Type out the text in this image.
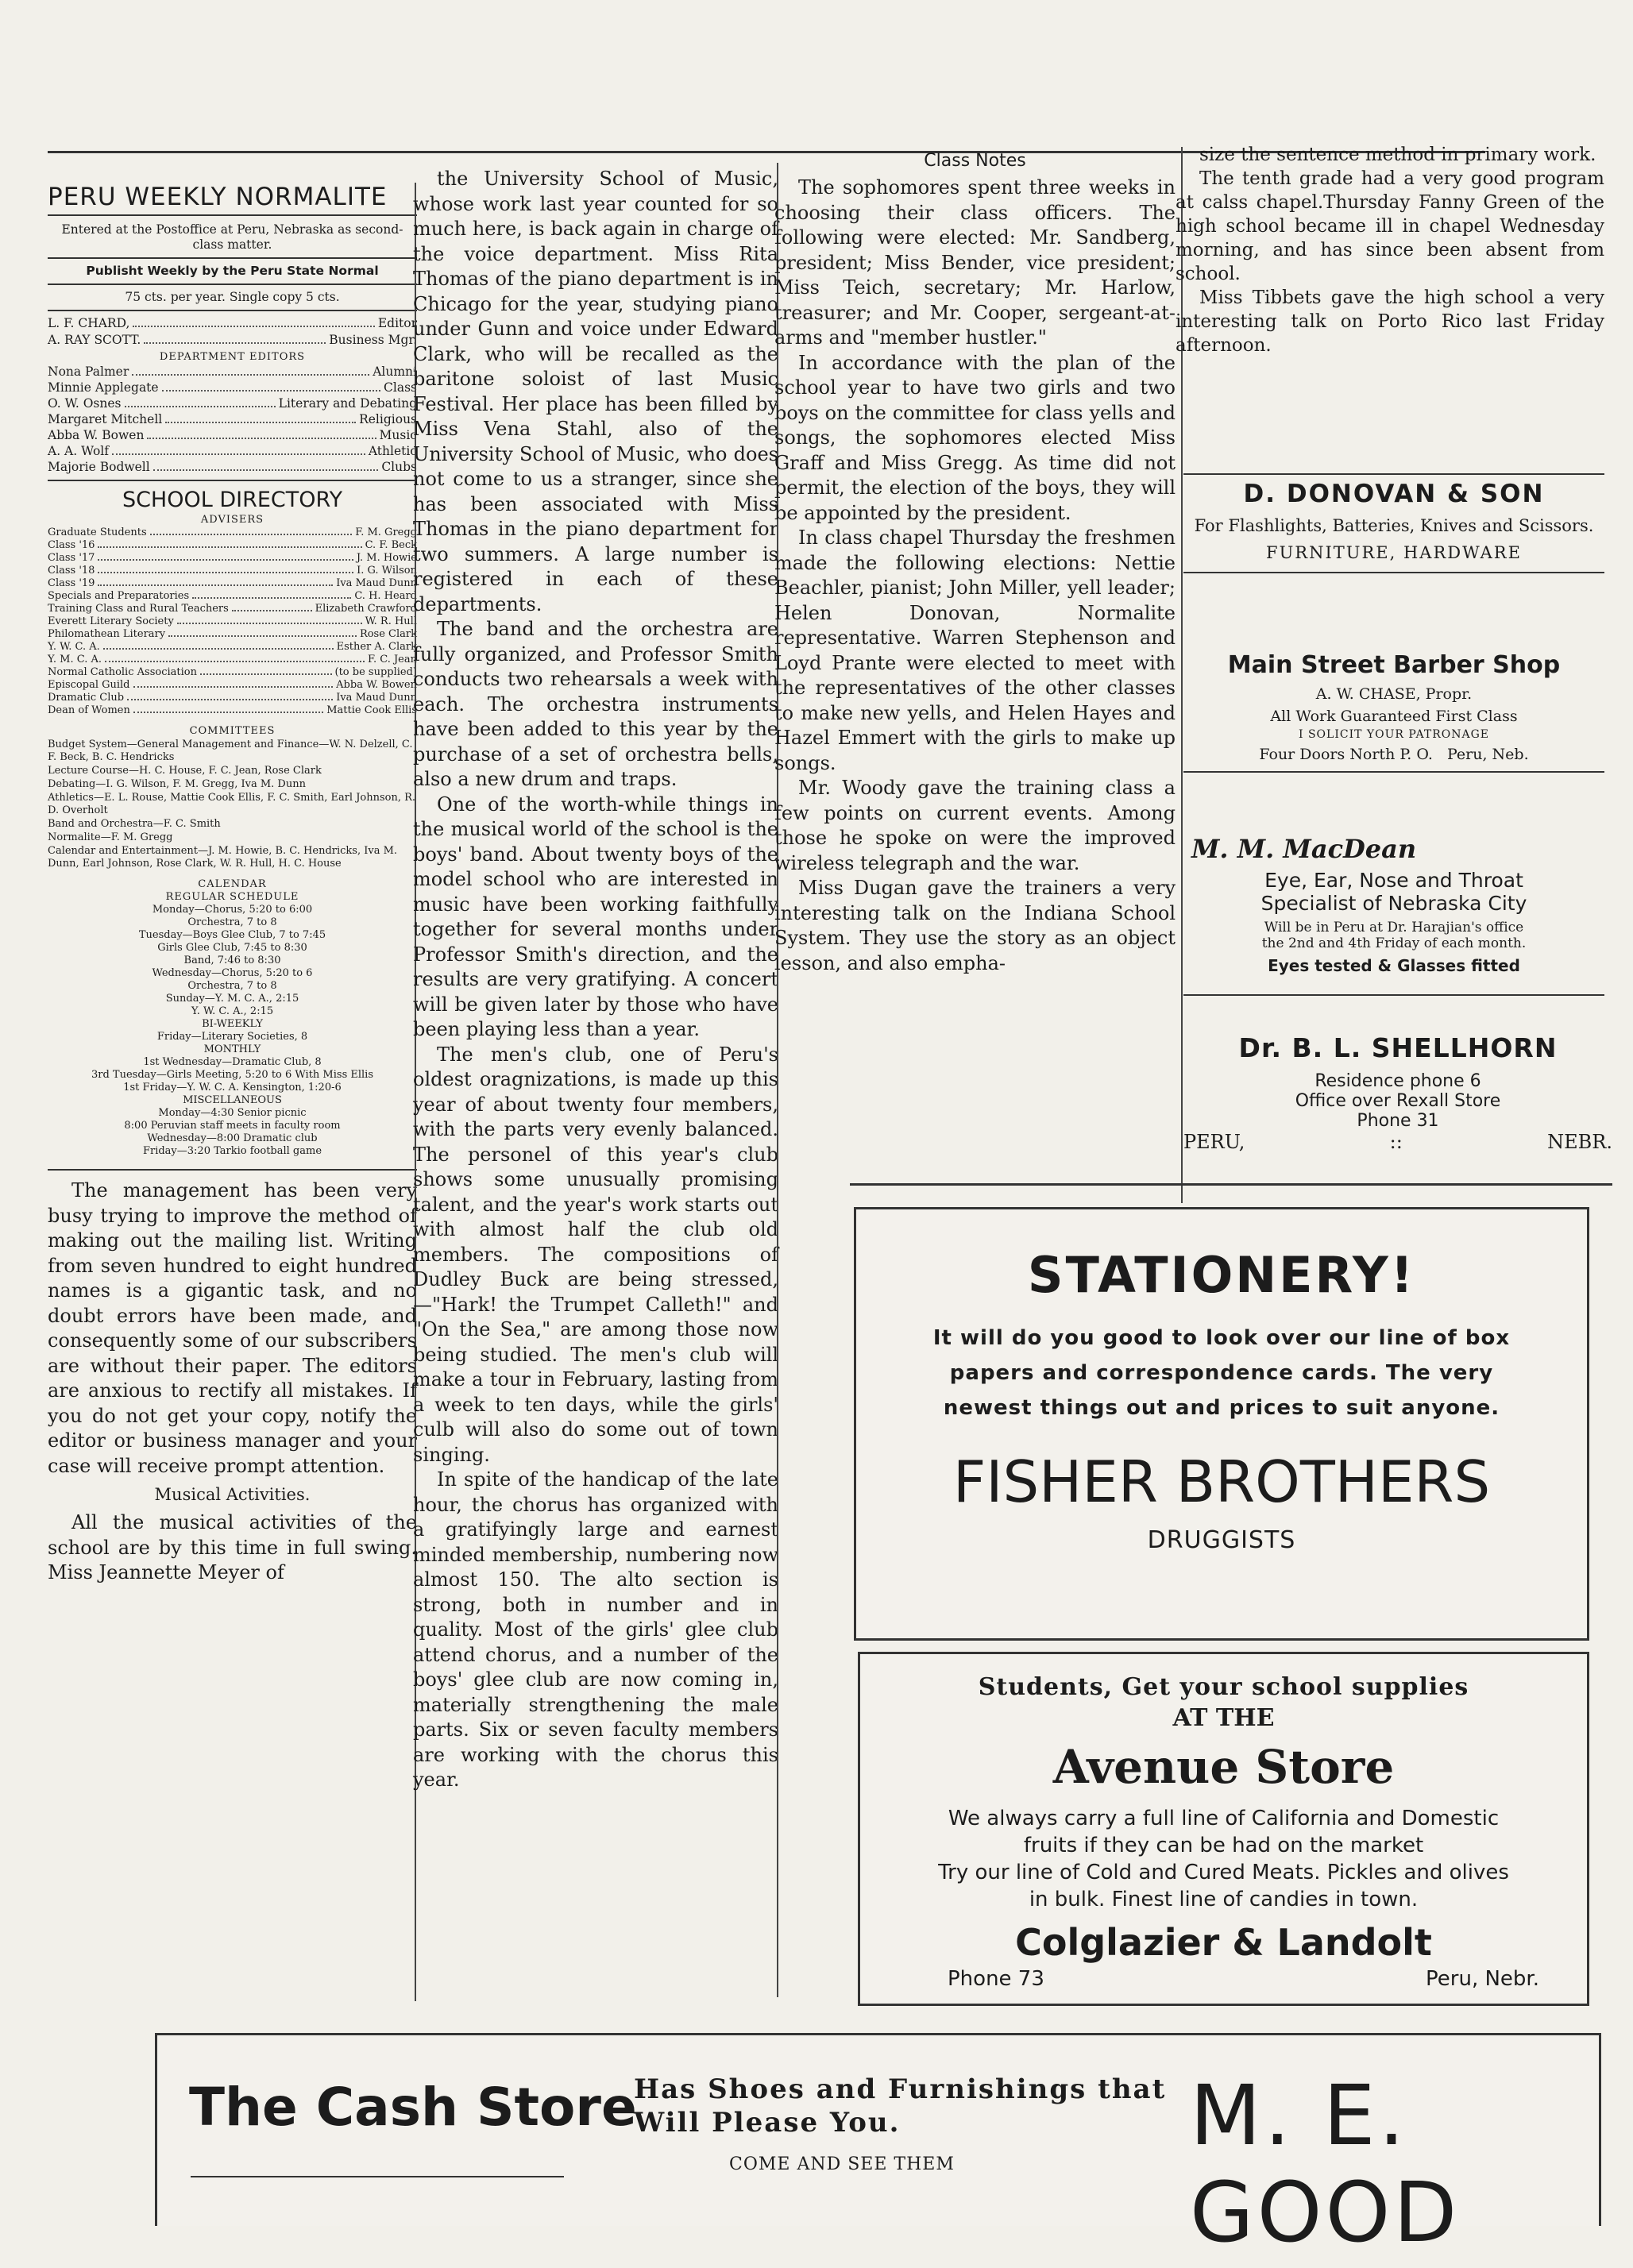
PERU WEEKLY NORMALITE
Entered at the Postoffice at Peru, Nebraska as second-class matter.
Publisht Weekly by the Peru State Normal
75 cts. per year. Single copy 5 cts.
L. F. CHARD,	Editor
A. RAY SCOTT.	Business Mgr.
DEPARTMENT EDITORS
Nona Palmer	Alumni
Minnie Applegate	Class
O. W. Osnes	Literary and Debating
Margaret Mitchell	Religious
Abba W. Bowen	Music
A. A. Wolf	Athletic
Majorie Bodwell	Clubs
SCHOOL DIRECTORY
ADVISERS
Graduate Students	F. M. Gregg
Class '16	C. F. Beck
Class '17	J. M. Howie
Class '18	I. G. Wilson
Class '19	Iva Maud Dunn
Specials and Preparatories	C. H. Heard
Training Class and Rural Teachers	Elizabeth Crawford
Everett Literary Society	W. R. Hull
Philomathean Literary	Rose Clark
Y. W. C. A.	Esther A. Clark
Y. M. C. A.	F. C. Jean
Normal Catholic Association	(to be supplied)
Episcopal Guild	Abba W. Bowen
Dramatic Club	Iva Maud Dunn
Dean of Women	Mattie Cook Ellis
COMMITTEES
Budget System—General Management and Finance—W. N. Delzell, C. F. Beck, B. C. Hendricks
Lecture Course—H. C. House, F. C. Jean, Rose Clark
Debating—I. G. Wilson, F. M. Gregg, Iva M. Dunn
Athletics—E. L. Rouse, Mattie Cook Ellis, F. C. Smith, Earl Johnson, R. D. Overholt
Band and Orchestra—F. C. Smith
Normalite—F. M. Gregg
Calendar and Entertainment—J. M. Howie, B. C. Hendricks, Iva M. Dunn, Earl Johnson, Rose Clark, W. R. Hull, H. C. House
CALENDAR
REGULAR SCHEDULE
Monday—Chorus, 5:20 to 6:00
Orchestra, 7 to 8
Tuesday—Boys Glee Club, 7 to 7:45
Girls Glee Club, 7:45 to 8:30
Band, 7:46 to 8:30
Wednesday—Chorus, 5:20 to 6
Orchestra, 7 to 8
Sunday—Y. M. C. A., 2:15
Y. W. C. A., 2:15
BI-WEEKLY
Friday—Literary Societies, 8
MONTHLY
1st Wednesday—Dramatic Club, 8
3rd Tuesday—Girls Meeting, 5:20 to 6 With Miss Ellis
1st Friday—Y. W. C. A. Kensington, 1:20-6
MISCELLANEOUS
Monday—4:30 Senior picnic
8:00 Peruvian staff meets in faculty room
Wednesday—8:00 Dramatic club
Friday—3:20 Tarkio football game

The management has been very busy trying to improve the method of making out the mailing list. Writing from seven hundred to eight hundred names is a gigantic task, and no doubt errors have been made, and consequently some of our subscribers are without their paper. The editors are anxious to rectify all mistakes. If you do not get your copy, notify the editor or business manager and your case will receive prompt attention.

Musical Activities.

All the musical activities of the school are by this time in full swing. Miss Jeannette Meyer of

the University School of Music, whose work last year counted for so much here, is back again in charge of the voice department. Miss Rita Thomas of the piano department is in Chicago for the year, studying piano under Gunn and voice under Edward Clark, who will be recalled as the baritone soloist of last Music Festival. Her place has been filled by Miss Vena Stahl, also of the University School of Music, who does not come to us a stranger, since she has been associated with Miss Thomas in the piano department for two summers. A large number is registered in each of these departments.

The band and the orchestra are fully organized, and Professor Smith conducts two rehearsals a week with each. The orchestra instruments have been added to this year by the purchase of a set of orchestra bells, also a new drum and traps.

One of the worth-while things in the musical world of the school is the boys' band. About twenty boys of the model school who are interested in music have been working faithfully together for several months under Professor Smith's direction, and the results are very gratifying. A concert will be given later by those who have been playing less than a year.

The men's club, one of Peru's oldest oragnizations, is made up this year of about twenty four members, with the parts very evenly balanced. The personel of this year's club shows some unusually promising talent, and the year's work starts out with almost half the club old members. The compositions of Dudley Buck are being stressed,—"Hark! the Trumpet Calleth!" and "On the Sea," are among those now being studied. The men's club will make a tour in February, lasting from a week to ten days, while the girls' culb will also do some out of town singing.

In spite of the handicap of the late hour, the chorus has organized with a gratifyingly large and earnest minded membership, numbering now almost 150. The alto section is strong, both in number and in quality. Most of the girls' glee club attend chorus, and a number of the boys' glee club are now coming in, materially strengthening the male parts. Six or seven faculty members are working with the chorus this year.

Class Notes

The sophomores spent three weeks in choosing their class officers. The following were elected: Mr. Sandberg, president; Miss Bender, vice president; Miss Teich, secretary; Mr. Harlow, treasurer; and Mr. Cooper, sergeant-at-arms and "member hustler."

In accordance with the plan of the school year to have two girls and two boys on the committee for class yells and songs, the sophomores elected Miss Graff and Miss Gregg. As time did not permit, the election of the boys, they will be appointed by the president.

In class chapel Thursday the freshmen made the following elections: Nettie Beachler, pianist; John Miller, yell leader; Helen Donovan, Normalite representative. Warren Stephenson and Loyd Prante were elected to meet with the representatives of the other classes to make new yells, and Helen Hayes and Hazel Emmert with the girls to make up songs.

Mr. Woody gave the training class a few points on current events. Among those he spoke on were the improved wireless telegraph and the war.

Miss Dugan gave the trainers a very interesting talk on the Indiana School System. They use the story as an object lesson, and also empha-

size the sentence method in primary work.

The tenth grade had a very good program at calss chapel.Thursday Fanny Green of the high school became ill in chapel Wednesday morning, and has since been absent from school.

Miss Tibbets gave the high school a very interesting talk on Porto Rico last Friday afternoon.

D. DONOVAN & SON
For Flashlights, Batteries, Knives and Scissors.
FURNITURE, HARDWARE
Main Street Barber Shop
A. W. CHASE, Propr.
All Work Guaranteed First Class
I SOLICIT YOUR PATRONAGE
Four Doors North P. O. Peru, Neb.
M. M. MacDean
Eye, Ear, Nose and Throat
Specialist of Nebraska City
Will be in Peru at Dr. Harajian's office
the 2nd and 4th Friday of each month.
Eyes tested & Glasses fitted
Dr. B. L. SHELLHORN
Residence phone 6
Office over Rexall Store
Phone 31
PERU,	::	NEBR.
STATIONERY!
It will do you good to look over our line of box
papers and correspondence cards. The very
newest things out and prices to suit anyone.
FISHER BROTHERS
DRUGGISTS
Students, Get your school supplies
AT THE
Avenue Store
We always carry a full line of California and Domestic
fruits if they can be had on the market
Try our line of Cold and Cured Meats. Pickles and olives
in bulk. Finest line of candies in town.
Colglazier & Landolt
Phone 73	Peru, Nebr.
The Cash Store
Has Shoes and Furnishings that
Will Please You.
COME AND SEE THEM
M. E. GOOD
